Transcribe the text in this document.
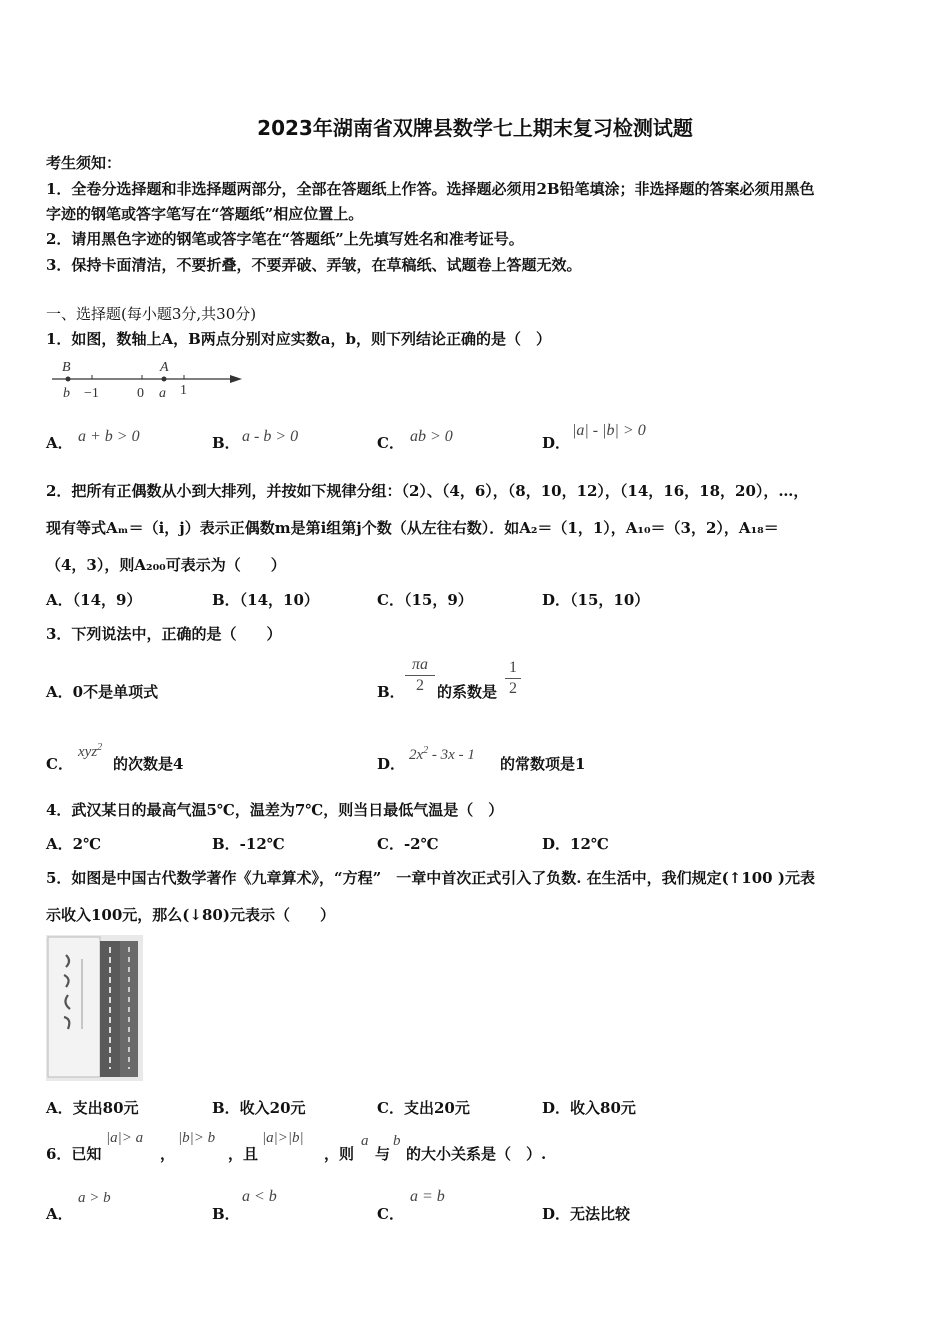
2023年湖南省双牌县数学七上期末复习检测试题
考生须知：
1．全卷分选择题和非选择题两部分，全部在答题纸上作答。选择题必须用2B铅笔填涂；非选择题的答案必须用黑色
字迹的钢笔或答字笔写在“答题纸”相应位置上。
2．请用黑色字迹的钢笔或答字笔在“答题纸”上先填写姓名和准考证号。
3．保持卡面清洁，不要折叠，不要弄破、弄皱，在草稿纸、试题卷上答题无效。
一、选择题(每小题3分,共30分)
1．如图，数轴上A，B两点分别对应实数a，b，则下列结论正确的是（　）
B	A
b −1	0 a 1
A． a + b > 0	B． a - b > 0	C． ab > 0	D．
|a| - |b| > 0
2．把所有正偶数从小到大排列，并按如下规律分组：（2）、（4，6），（8，10，12），（14，16，18，20），…，
现有等式Aₘ＝（i，j）表示正偶数m是第i组第j个数（从左往右数）．如A₂＝（1，1），A₁₀＝（3，2），A₁₈＝
（4，3），则A₂₀₀可表示为（　　）
A．（14，9）	B．（14，10）	C．（15，9）	D．（15，10）
3．下列说法中，正确的是（　　）
A．0不是单项式	B．
πa
2 的系数是
1
2
C．
xyz$^2$
的次数是4	D． $2x^2 - 3x - 1$ 的常数项是1
4．武汉某日的最高气温5℃，温差为7℃，则当日最低气温是（　）
A．2℃	B．-12℃	C．-2℃	D．12℃
5．如图是中国古代数学著作《九章算术》，“方程”　一章中首次正式引入了负数. 在生活中，我们规定(↑100 )元表
示收入100元，那么(↓80)元表示（　　）
A．支出80元	B．收入20元	C．支出20元	D．收入80元
6．已知
|a|> a
，
|b|> b
，且
|a|>|b|
，则
a
与
b
的大小关系是（　）.
A．
a > b
B．
a < b
C．
a = b
D．无法比较
